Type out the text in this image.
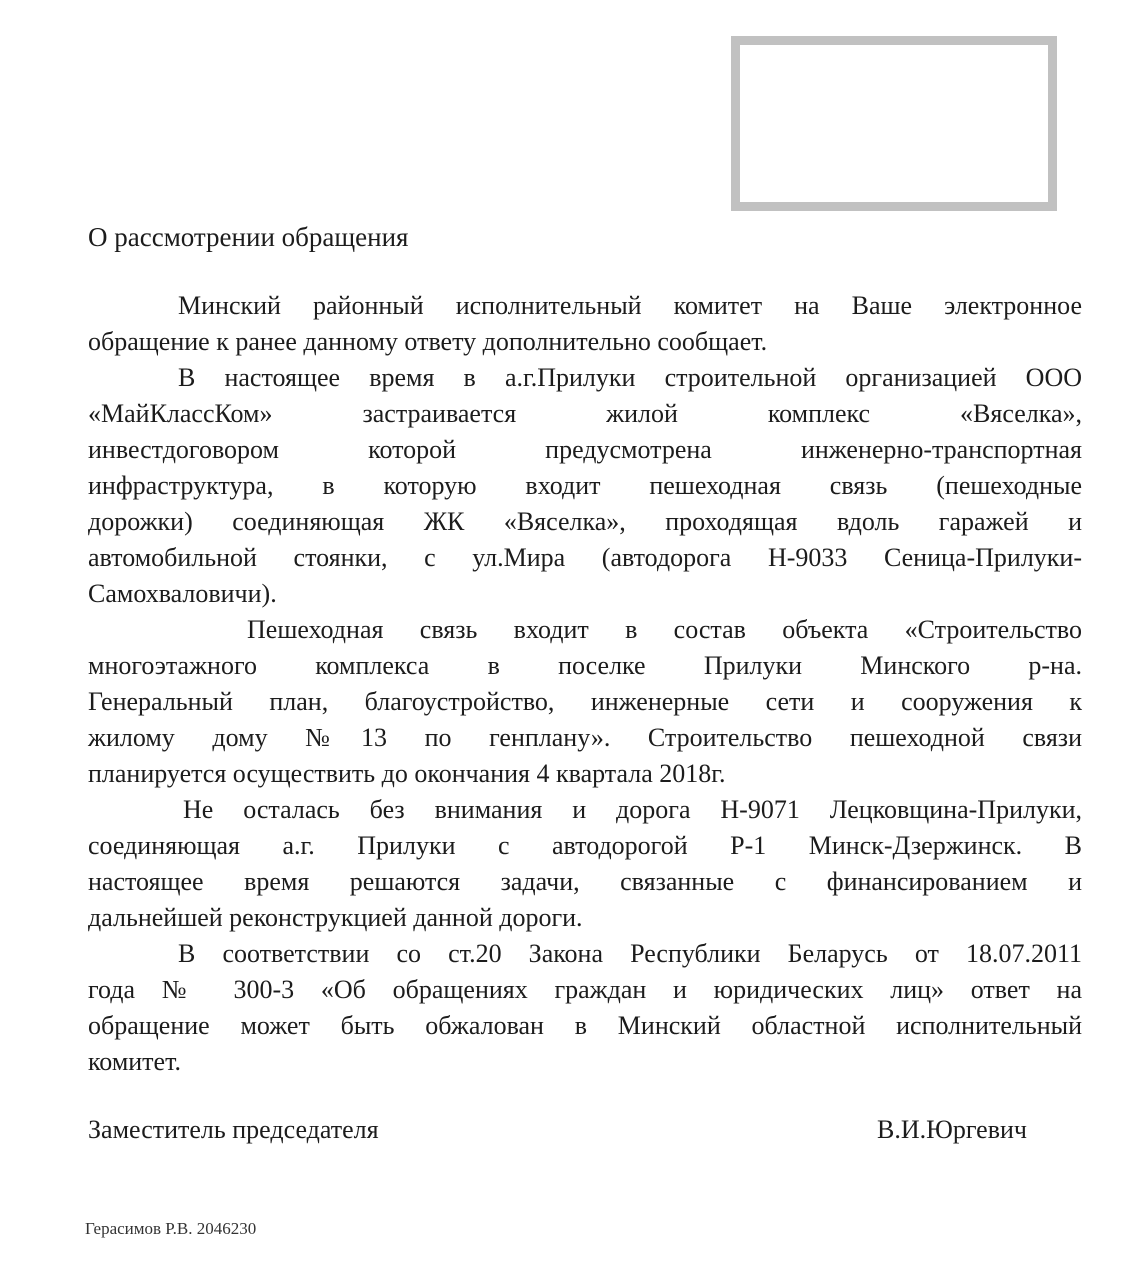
О рассмотрении обращения
Минский районный исполнительный комитет на Ваше электронное
обращение к ранее данному ответу дополнительно сообщает.
В настоящее время в а.г.Прилуки строительной организацией ООО
«МайКлассКом» застраивается жилой комплекс «Вяселка»,
инвестдоговором которой предусмотрена инженерно-транспортная
инфраструктура, в которую входит пешеходная связь (пешеходные
дорожки) соединяющая ЖК «Вяселка», проходящая вдоль гаражей и
автомобильной стоянки, с ул.Мира (автодорога Н-9033 Сеница-Прилуки-
Самохваловичи).
Пешеходная связь входит в состав объекта «Строительство
многоэтажного комплекса в поселке Прилуки Минского р-на.
Генеральный план, благоустройство, инженерные сети и сооружения к
жилому дому №13 по генплану». Строительство пешеходной связи
планируется осуществить до окончания 4 квартала 2018г.
Не осталась без внимания и дорога Н-9071 Лецковщина-Прилуки,
соединяющая а.г. Прилуки с автодорогой Р-1 Минск-Дзержинск. В
настоящее время решаются задачи, связанные с финансированием и
дальнейшей реконструкцией данной дороги.
В соответствии со ст.20 Закона Республики Беларусь от 18.07.2011
года № 300-3 «Об обращениях граждан и юридических лиц» ответ на
обращение может быть обжалован в Минский областной исполнительный
комитет.
Заместитель председателя	В.И.Юргевич
Герасимов Р.В. 2046230
